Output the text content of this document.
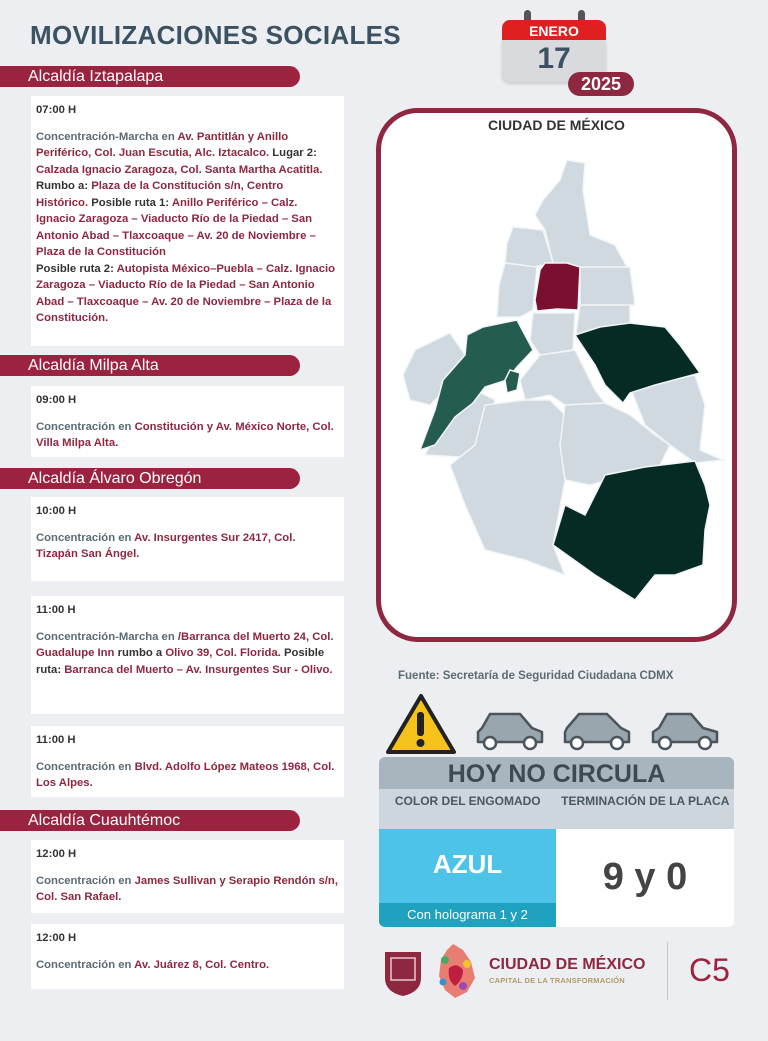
MOVILIZACIONES SOCIALES	ENERO
17
2025
Alcaldía Iztapalapa
07:00 H
Concentración-Marcha en Av. Pantitlán y Anillo Periférico, Col. Juan Escutia, Alc. Iztacalco. Lugar 2: Calzada Ignacio Zaragoza, Col. Santa Martha Acatitla. Rumbo a: Plaza de la Constitución s/n, Centro Histórico. Posible ruta 1: Anillo Periférico – Calz. Ignacio Zaragoza – Viaducto Río de la Piedad – San Antonio Abad – Tlaxcoaque – Av. 20 de Noviembre – Plaza de la Constitución
Posible ruta 2: Autopista México–Puebla – Calz. Ignacio Zaragoza – Viaducto Río de la Piedad – San Antonio Abad – Tlaxcoaque – Av. 20 de Noviembre – Plaza de la Constitución.
Alcaldía Milpa Alta
09:00 H
Concentración en Constitución y Av. México Norte, Col. Villa Milpa Alta.
Alcaldía Álvaro Obregón
10:00 H
Concentración en Av. Insurgentes Sur 2417, Col. Tizapán San Ángel.
11:00 H
Concentración-Marcha en /Barranca del Muerto 24, Col. Guadalupe Inn rumbo a Olivo 39, Col. Florida. Posible ruta: Barranca del Muerto – Av. Insurgentes Sur - Olivo.
11:00 H
Concentración en Blvd. Adolfo López Mateos 1968, Col. Los Alpes.
Alcaldía Cuauhtémoc
12:00 H
Concentración en James Sullivan y Serapio Rendón s/n, Col. San Rafael.
12:00 H
Concentración en Av. Juárez 8, Col. Centro.
CIUDAD DE MÉXICO
Fuente: Secretaría de Seguridad Ciudadana CDMX
HOY NO CIRCULA
COLOR DEL ENGOMADO	TERMINACIÓN DE LA PLACA
AZUL
Con holograma 1 y 2
9 y 0
CIUDAD DE MÉXICO
CAPITAL DE LA TRANSFORMACIÓN C5
